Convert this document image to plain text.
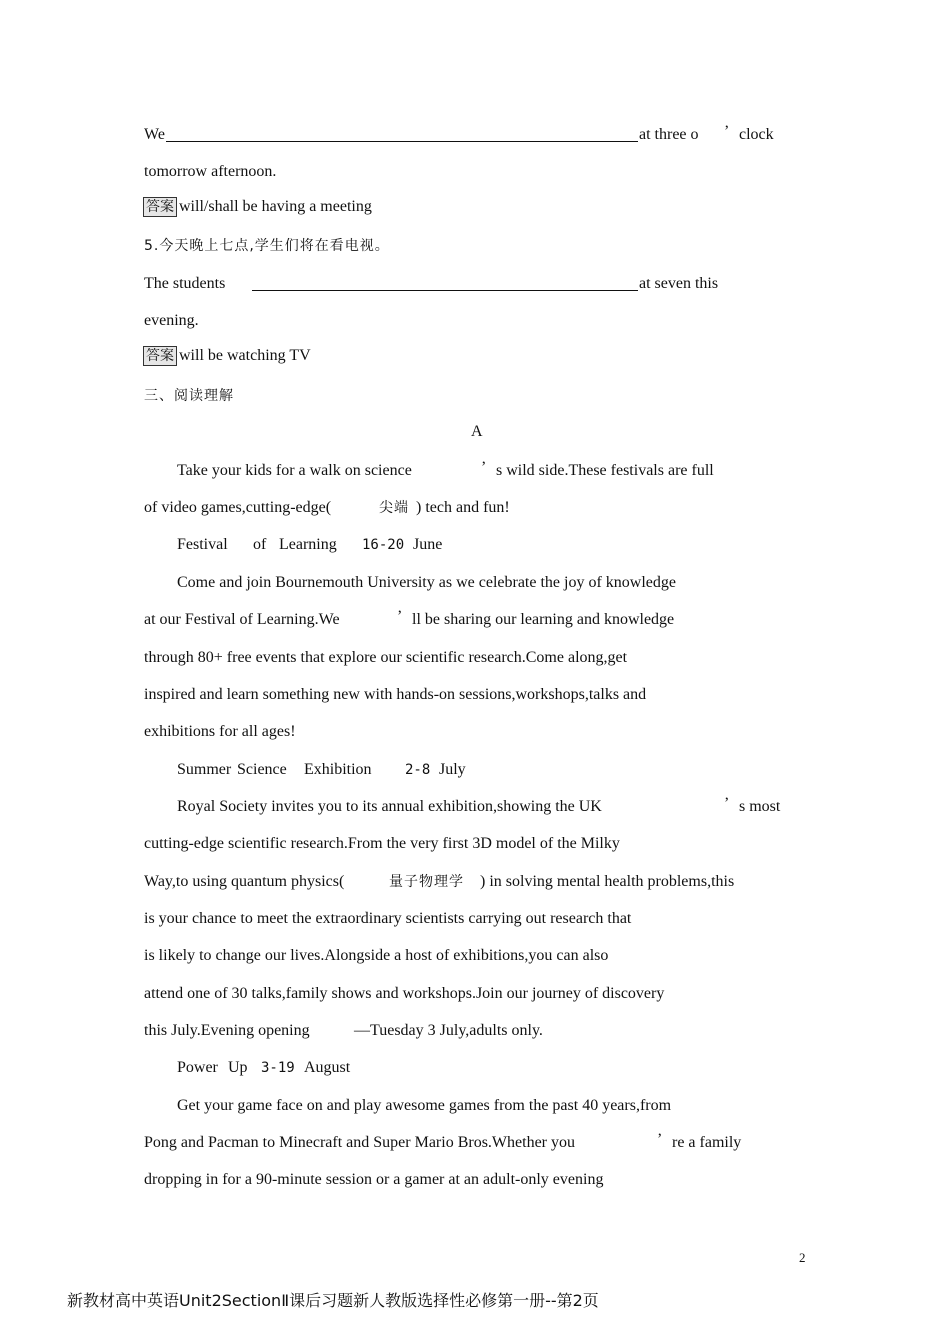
We	at three o ’ clock
tomorrow afternoon.
答案 will/shall be having a meeting
5.今天晚上七点,学生们将在看电视。
The students	at seven this
evening.
答案 will be watching TV
三、阅读理解
A
Take your kids for a walk on science	’ s wild side.These festivals are full
of video games,cutting-edge(	尖端 ) tech and fun!
Festival of Learning 16-20 June
Come and join Bournemouth University as we celebrate the joy of knowledge
at our Festival of Learning.We	’ ll be sharing our learning and knowledge
through 80+ free events that explore our scientific research.Come along,get
inspired and learn something new with hands-on sessions,workshops,talks and
exhibitions for all ages!
Summer Science Exhibition 2-8 July
Royal Society invites you to its annual exhibition,showing the UK	’ s most
cutting-edge scientific research.From the very first 3D model of the Milky
Way,to using quantum physics(	量子物理学 ) in solving mental health problems,this
is your chance to meet the extraordinary scientists carrying out research that
is likely to change our lives.Alongside a host of exhibitions,you can also
attend one of 30 talks,family shows and workshops.Join our journey of discovery
this July.Evening opening	—Tuesday 3 July,adults only.
Power Up 3-19 August
Get your game face on and play awesome games from the past 40 years,from
Pong and Pacman to Minecraft and Super Mario Bros.Whether you	’ re a family
dropping in for a 90-minute session or a gamer at an adult-only evening
2
新教材高中英语Unit2SectionⅡ课后习题新人教版选择性必修第一册--第2页
